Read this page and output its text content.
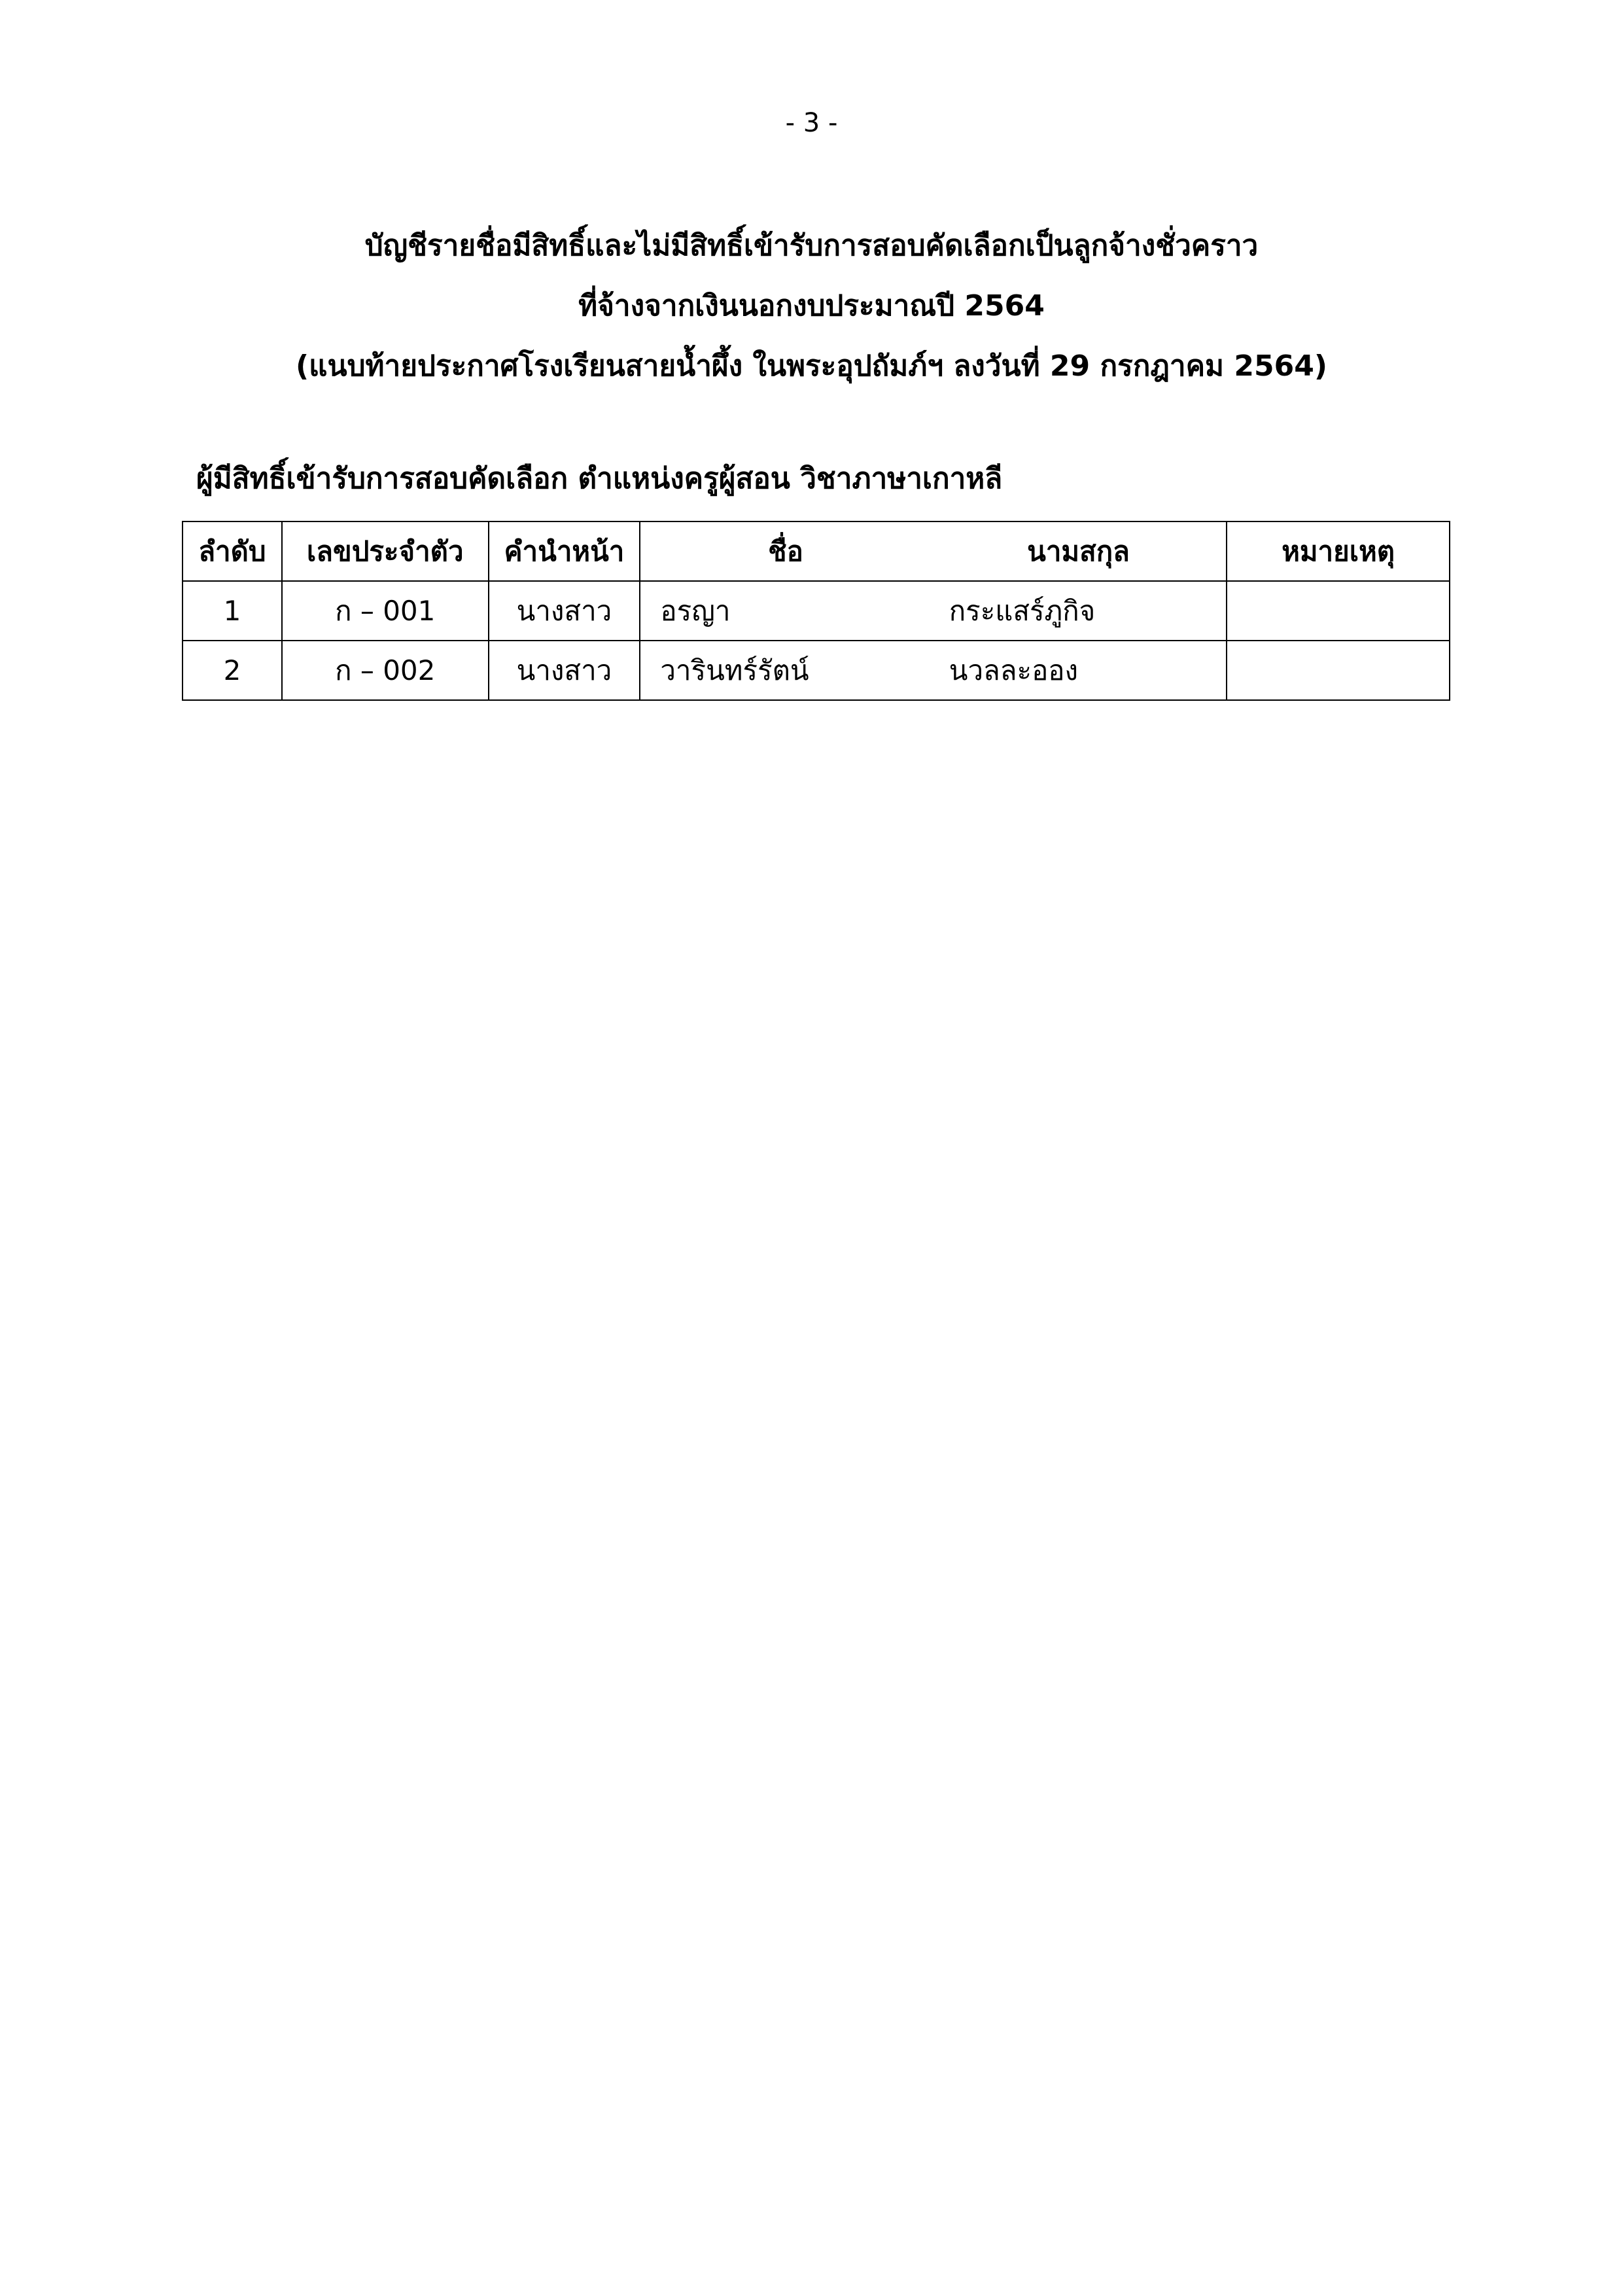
- 3 -
บัญชีรายชื่อมีสิทธิ์และไม่มีสิทธิ์เข้ารับการสอบคัดเลือกเป็นลูกจ้างชั่วคราว
ที่จ้างจากเงินนอกงบประมาณปี 2564
(แนบท้ายประกาศโรงเรียนสายน้ำผึ้ง ในพระอุปถัมภ์ฯ ลงวันที่ 29 กรกฎาคม 2564)
ผู้มีสิทธิ์เข้ารับการสอบคัดเลือก ตำแหน่งครูผู้สอน วิชาภาษาเกาหลี
ลำดับ	เลขประจำตัว	คำนำหน้า	ชื่อ	นามสกุล	หมายเหตุ
1	ก – 001	นางสาว	อรญา	กระแสร์ภูกิจ	
2	ก – 002	นางสาว	วารินทร์รัตน์	นวลละออง	
